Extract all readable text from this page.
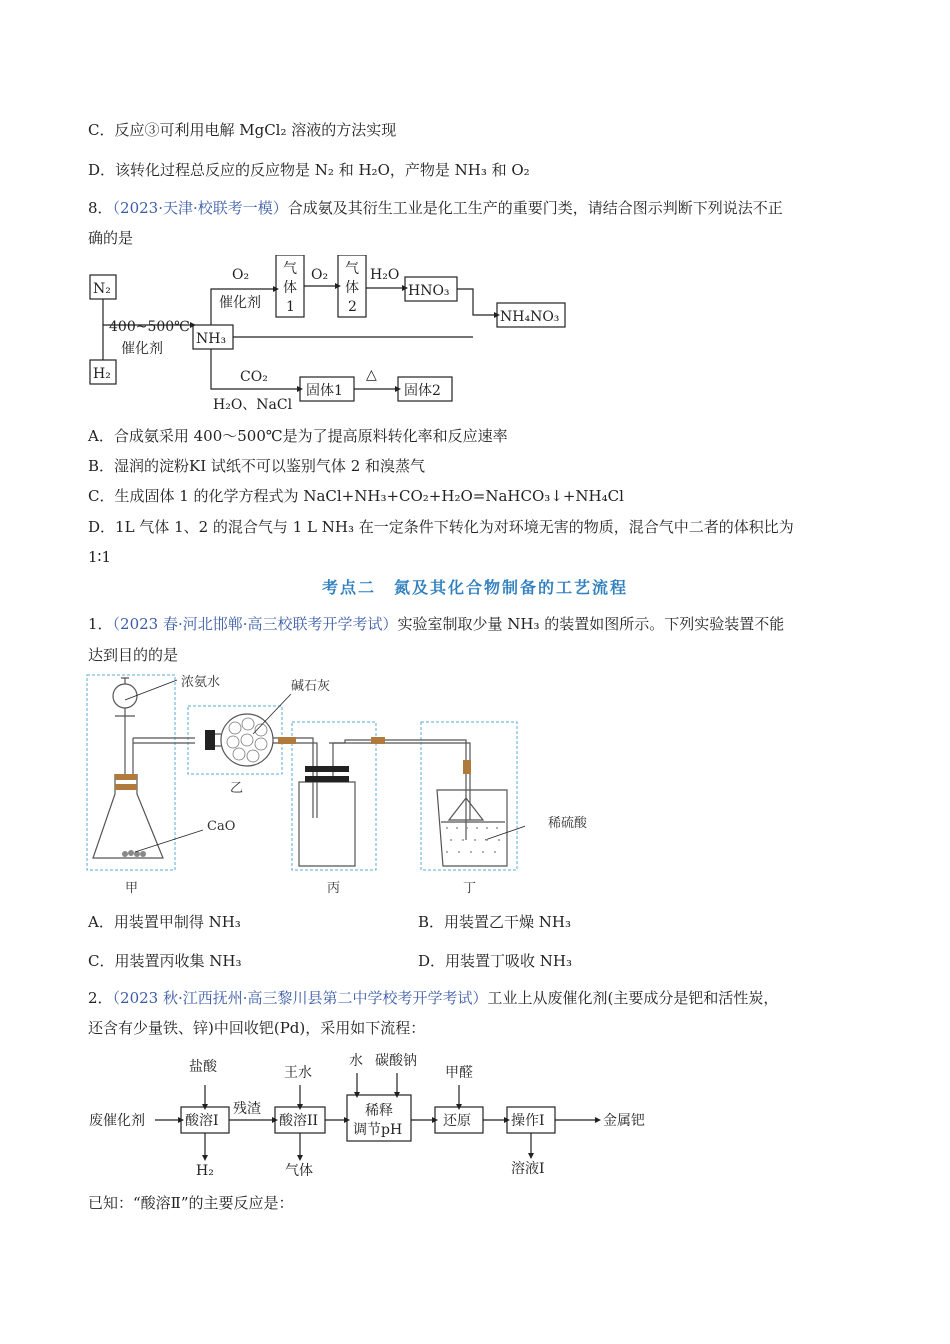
C．反应③可利用电解 MgCl₂ 溶液的方法实现
D．该转化过程总反应的反应物是 N₂ 和 H₂O，产物是 NH₃ 和 O₂
8．（2023·天津·校联考一模）合成氨及其衍生工业是化工生产的重要门类，请结合图示判断下列说法不正
确的是
N₂
H₂
400~500℃
催化剂
NH₃
O₂
催化剂
气
体
1
O₂ 气
体
2
H₂O
HNO₃
NH₄NO₃
CO₂
H₂O、NaCl
固体1
△
固体2
A．合成氨采用 400～500℃是为了提高原料转化率和反应速率
B．湿润的淀粉KI 试纸不可以鉴别气体 2 和溴蒸气
C．生成固体 1 的化学方程式为 NaCl+NH₃+CO₂+H₂O=NaHCO₃↓+NH₄Cl
D．1L 气体 1、2 的混合气与 1 L NH₃ 在一定条件下转化为对环境无害的物质，混合气中二者的体积比为
1∶1
考点二　氮及其化合物制备的工艺流程
1．（2023 春·河北邯郸·高三校联考开学考试）实验室制取少量 NH₃ 的装置如图所示。下列实验装置不能
达到目的的是
浓氨水	碱石灰
CaO
乙
甲	丙	丁
稀硫酸
A．用装置甲制得 NH₃	B．用装置乙干燥 NH₃
C．用装置丙收集 NH₃	D．用装置丁吸收 NH₃
2．（2023 秋·江西抚州·高三黎川县第二中学校考开学考试）工业上从废催化剂(主要成分是钯和活性炭，
还含有少量铁、锌)中回收钯(Pd)，采用如下流程：
废催化剂
盐酸
酸溶I
H₂
残渣
王水
酸溶II
气体
水 碳酸钠
稀释
调节pH
甲醛
还原	操作I
溶液I
金属钯
已知：“酸溶Ⅱ”的主要反应是：
